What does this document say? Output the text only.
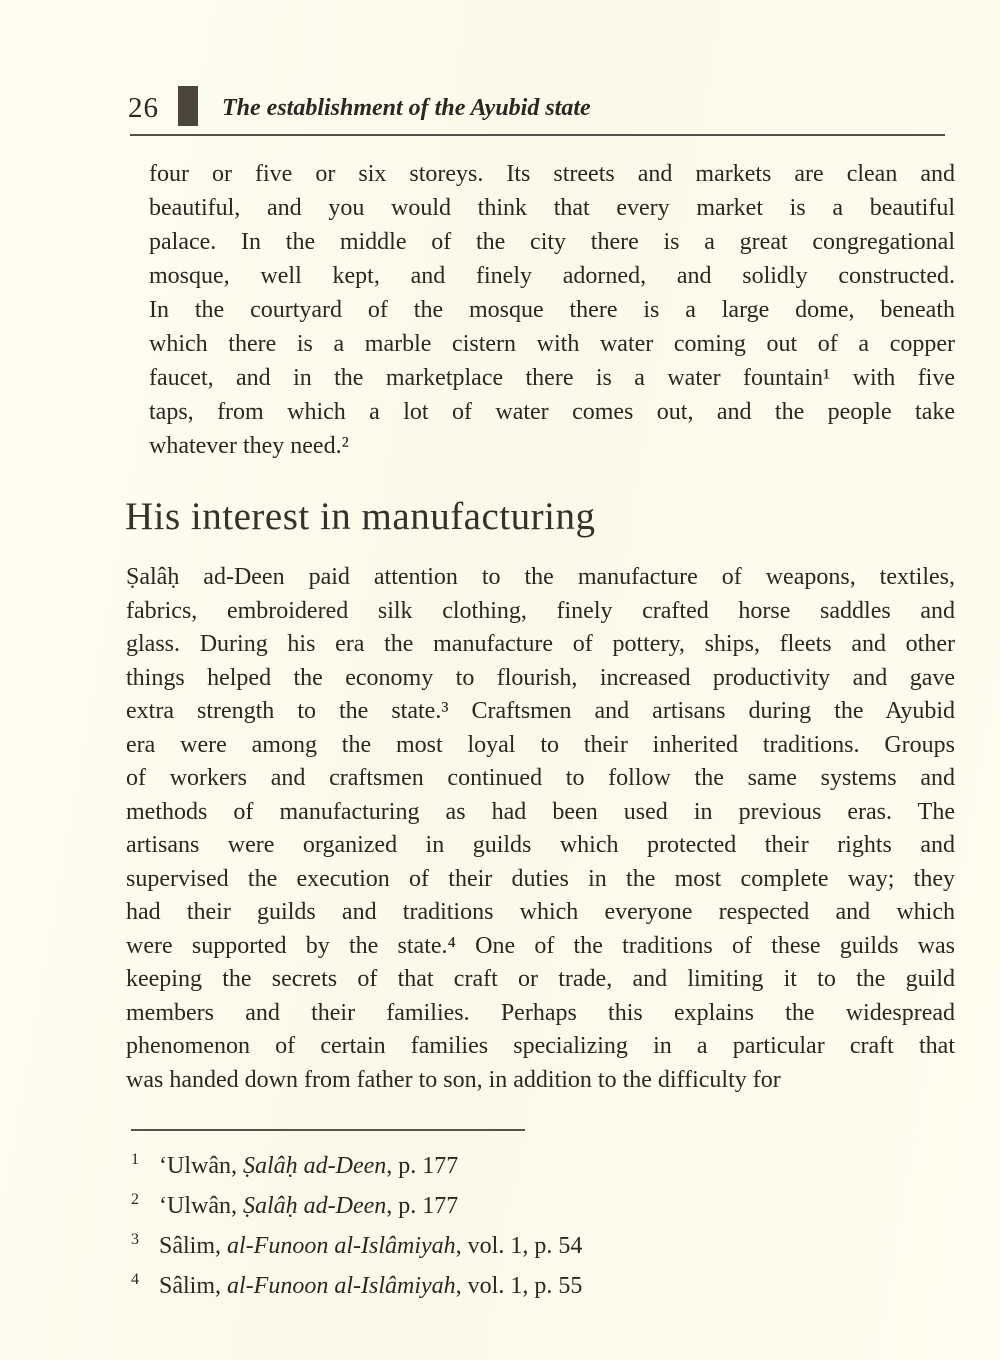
26	The establishment of the Ayubid state
four or five or six storeys. Its streets and markets are clean and
beautiful, and you would think that every market is a beautiful
palace. In the middle of the city there is a great congregational
mosque, well kept, and finely adorned, and solidly constructed.
In the courtyard of the mosque there is a large dome, beneath
which there is a marble cistern with water coming out of a copper
faucet, and in the marketplace there is a water fountain¹ with five
taps, from which a lot of water comes out, and the people take
whatever they need.²
His interest in manufacturing
Ṣalâḥ ad-Deen paid attention to the manufacture of weapons, textiles,
fabrics, embroidered silk clothing, finely crafted horse saddles and
glass. During his era the manufacture of pottery, ships, fleets and other
things helped the economy to flourish, increased productivity and gave
extra strength to the state.³ Craftsmen and artisans during the Ayubid
era were among the most loyal to their inherited traditions. Groups
of workers and craftsmen continued to follow the same systems and
methods of manufacturing as had been used in previous eras. The
artisans were organized in guilds which protected their rights and
supervised the execution of their duties in the most complete way; they
had their guilds and traditions which everyone respected and which
were supported by the state.⁴ One of the traditions of these guilds was
keeping the secrets of that craft or trade, and limiting it to the guild
members and their families. Perhaps this explains the widespread
phenomenon of certain families specializing in a particular craft that
was handed down from father to son, in addition to the difficulty for
1 ‘Ulwân, Ṣalâḥ ad-Deen, p. 177
2 ‘Ulwân, Ṣalâḥ ad-Deen, p. 177
3 Sâlim, al-Funoon al-Islâmiyah, vol. 1, p. 54
4 Sâlim, al-Funoon al-Islâmiyah, vol. 1, p. 55
